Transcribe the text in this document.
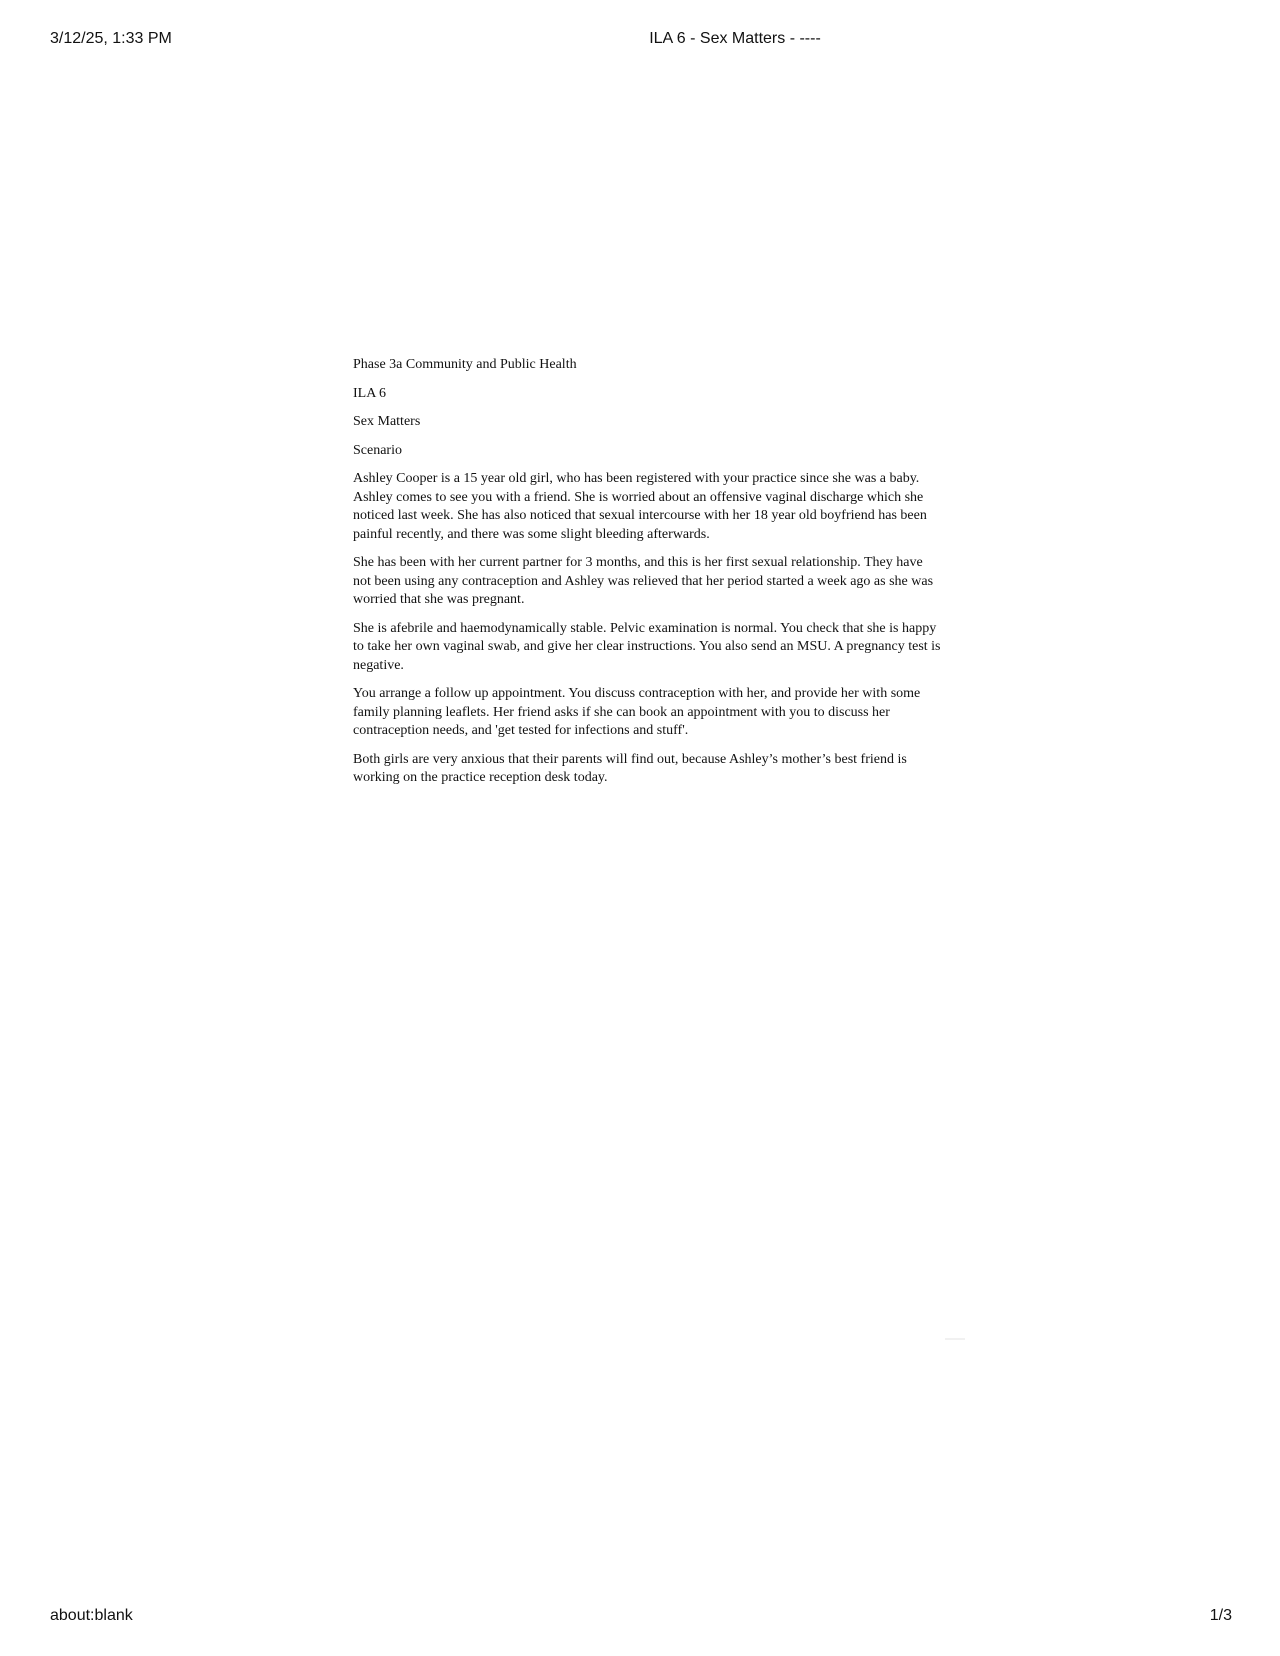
3/12/25, 1:33 PM	ILA 6 - Sex Matters - ----
Phase 3a Community and Public Health
ILA 6
Sex Matters
Scenario

Ashley Cooper is a 15 year old girl, who has been registered with your practice since she was a baby. Ashley comes to see you with a friend. She is worried about an offensive vaginal discharge which she noticed last week. She has also noticed that sexual intercourse with her 18 year old boyfriend has been painful recently, and there was some slight bleeding afterwards.

She has been with her current partner for 3 months, and this is her first sexual relationship. They have not been using any contraception and Ashley was relieved that her period started a week ago as she was worried that she was pregnant.

She is afebrile and haemodynamically stable. Pelvic examination is normal. You check that she is happy to take her own vaginal swab, and give her clear instructions. You also send an MSU. A pregnancy test is negative.

You arrange a follow up appointment. You discuss contraception with her, and provide her with some family planning leaflets. Her friend asks if she can book an appointment with you to discuss her contraception needs, and 'get tested for infections and stuff'.

Both girls are very anxious that their parents will find out, because Ashley’s mother’s best friend is working on the practice reception desk today.

about:blank	1/3
